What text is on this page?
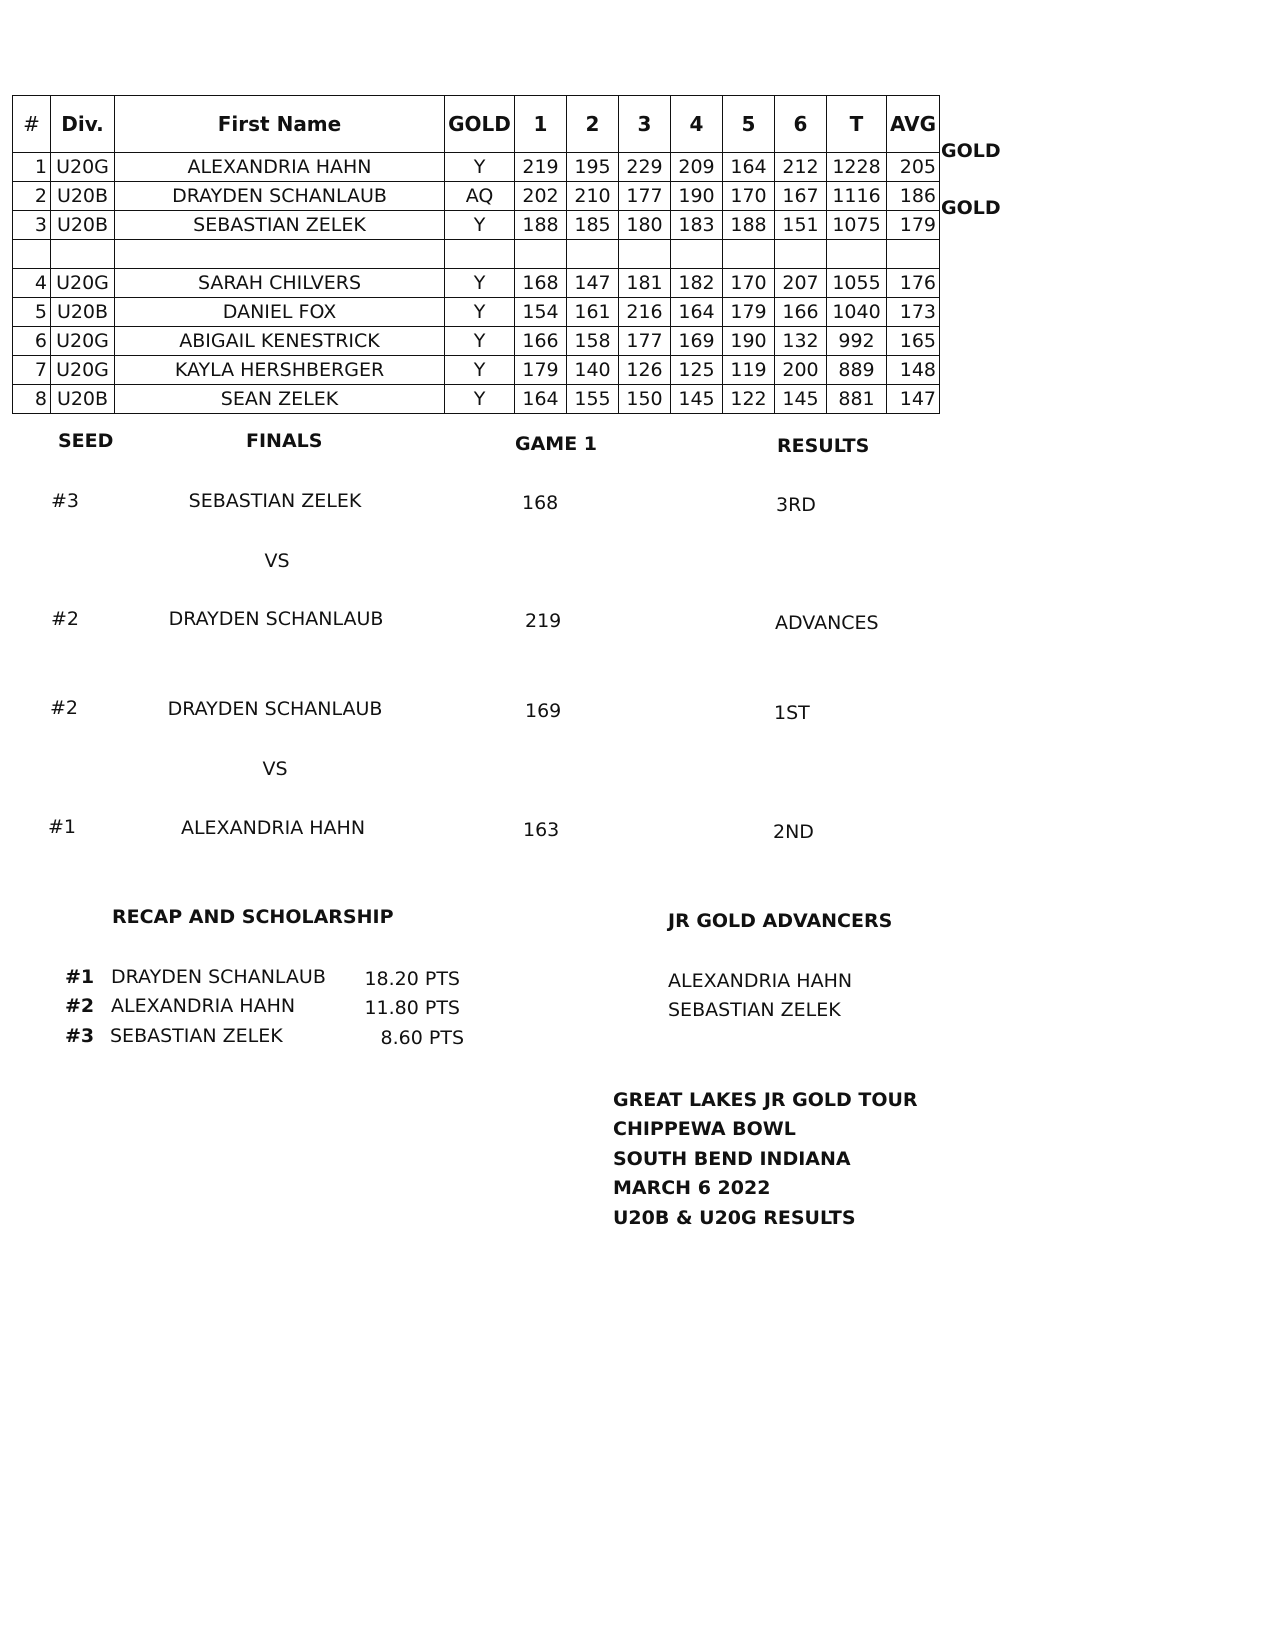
#	Div.	First Name	GOLD	1	2	3	4	5	6	T	AVG
1	U20G	ALEXANDRIA HAHN	Y	219	195	229	209	164	212	1228	205
2	U20B	DRAYDEN SCHANLAUB	AQ	202	210	177	190	170	167	1116	186
3	U20B	SEBASTIAN ZELEK	Y	188	185	180	183	188	151	1075	179

4	U20G	SARAH CHILVERS	Y	168	147	181	182	170	207	1055	176
5	U20B	DANIEL FOX	Y	154	161	216	164	179	166	1040	173
6	U20G	ABIGAIL KENESTRICK	Y	166	158	177	169	190	132	992	165
7	U20G	KAYLA HERSHBERGER	Y	179	140	126	125	119	200	889	148
8	U20B	SEAN ZELEK	Y	164	155	150	145	122	145	881	147
GOLD
GOLD
SEED	FINALS	GAME 1	RESULTS
#3	SEBASTIAN ZELEK	168	3RD
VS
#2	DRAYDEN SCHANLAUB	219	ADVANCES
#2	DRAYDEN SCHANLAUB	169	1ST
VS
#1	ALEXANDRIA HAHN	163	2ND
RECAP AND SCHOLARSHIP
#1 DRAYDEN SCHANLAUB	18.20 PTS
#2 ALEXANDRIA HAHN	11.80 PTS
#3 SEBASTIAN ZELEK	8.60 PTS
JR GOLD ADVANCERS
ALEXANDRIA HAHN
SEBASTIAN ZELEK
GREAT LAKES JR GOLD TOUR
CHIPPEWA BOWL
SOUTH BEND INDIANA
MARCH 6 2022
U20B & U20G RESULTS
